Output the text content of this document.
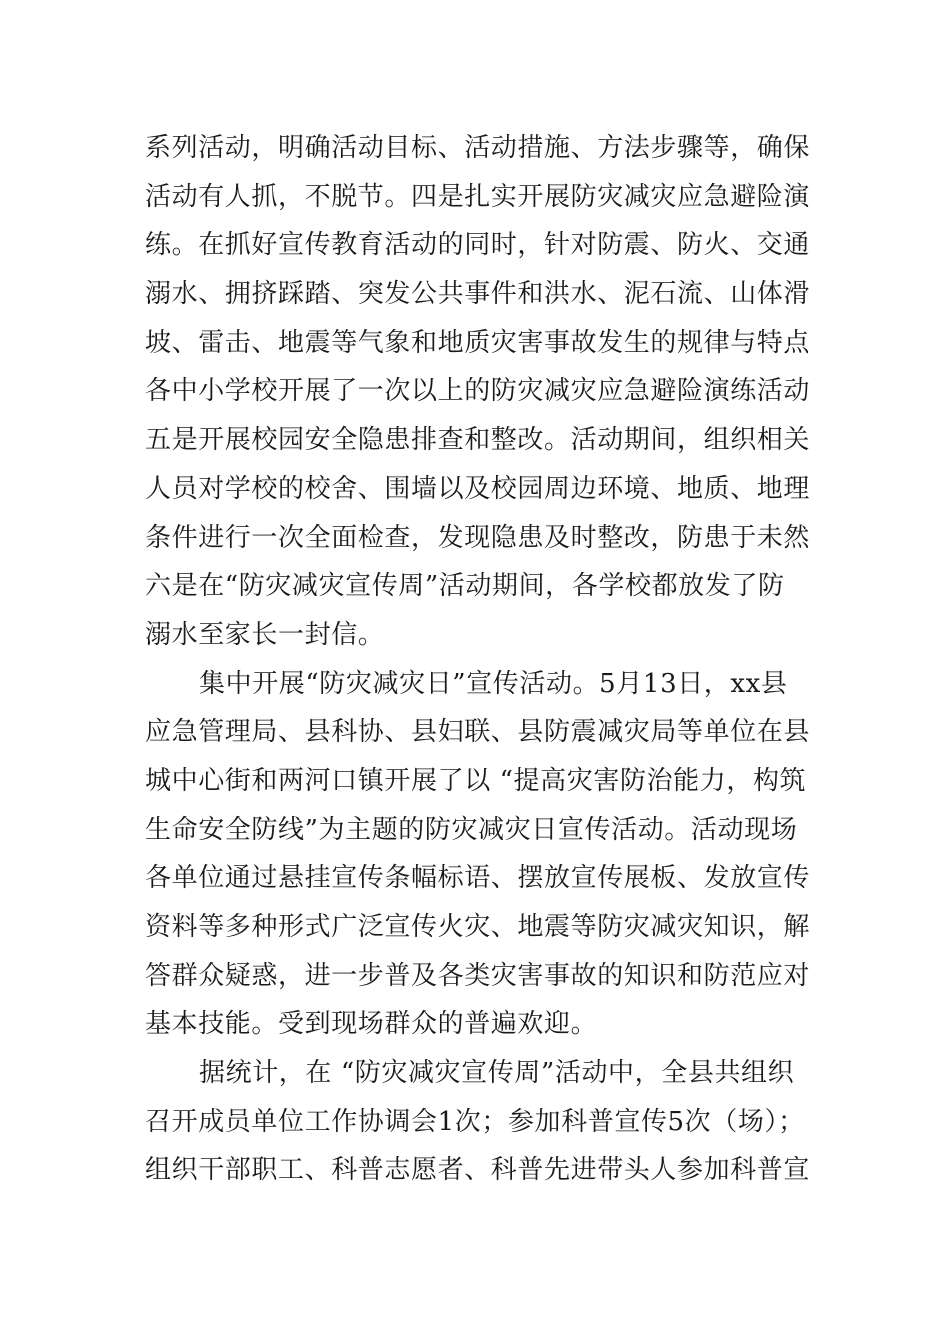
系列活动，明确活动目标、活动措施、方法步骤等，确保
活动有人抓，不脱节。四是扎实开展防灾减灾应急避险演
练。在抓好宣传教育活动的同时，针对防震、防火、交通
溺水、拥挤踩踏、突发公共事件和洪水、泥石流、山体滑
坡、雷击、地震等气象和地质灾害事故发生的规律与特点
各中小学校开展了一次以上的防灾减灾应急避险演练活动
五是开展校园安全隐患排查和整改。活动期间，组织相关
人员对学校的校舍、围墙以及校园周边环境、地质、地理
条件进行一次全面检查，发现隐患及时整改，防患于未然
六是在“防灾减灾宣传周”活动期间，各学校都放发了防
溺水至家长一封信。
集中开展“防灾减灾日”宣传活动。5月13日，xx县
应急管理局、县科协、县妇联、县防震减灾局等单位在县
城中心街和两河口镇开展了以 “提高灾害防治能力，构筑
生命安全防线”为主题的防灾减灾日宣传活动。活动现场
各单位通过悬挂宣传条幅标语、摆放宣传展板、发放宣传
资料等多种形式广泛宣传火灾、地震等防灾减灾知识，解
答群众疑惑，进一步普及各类灾害事故的知识和防范应对
基本技能。受到现场群众的普遍欢迎。
据统计，在 “防灾减灾宣传周”活动中，全县共组织
召开成员单位工作协调会1次；参加科普宣传5次（场）；
组织干部职工、科普志愿者、科普先进带头人参加科普宣
